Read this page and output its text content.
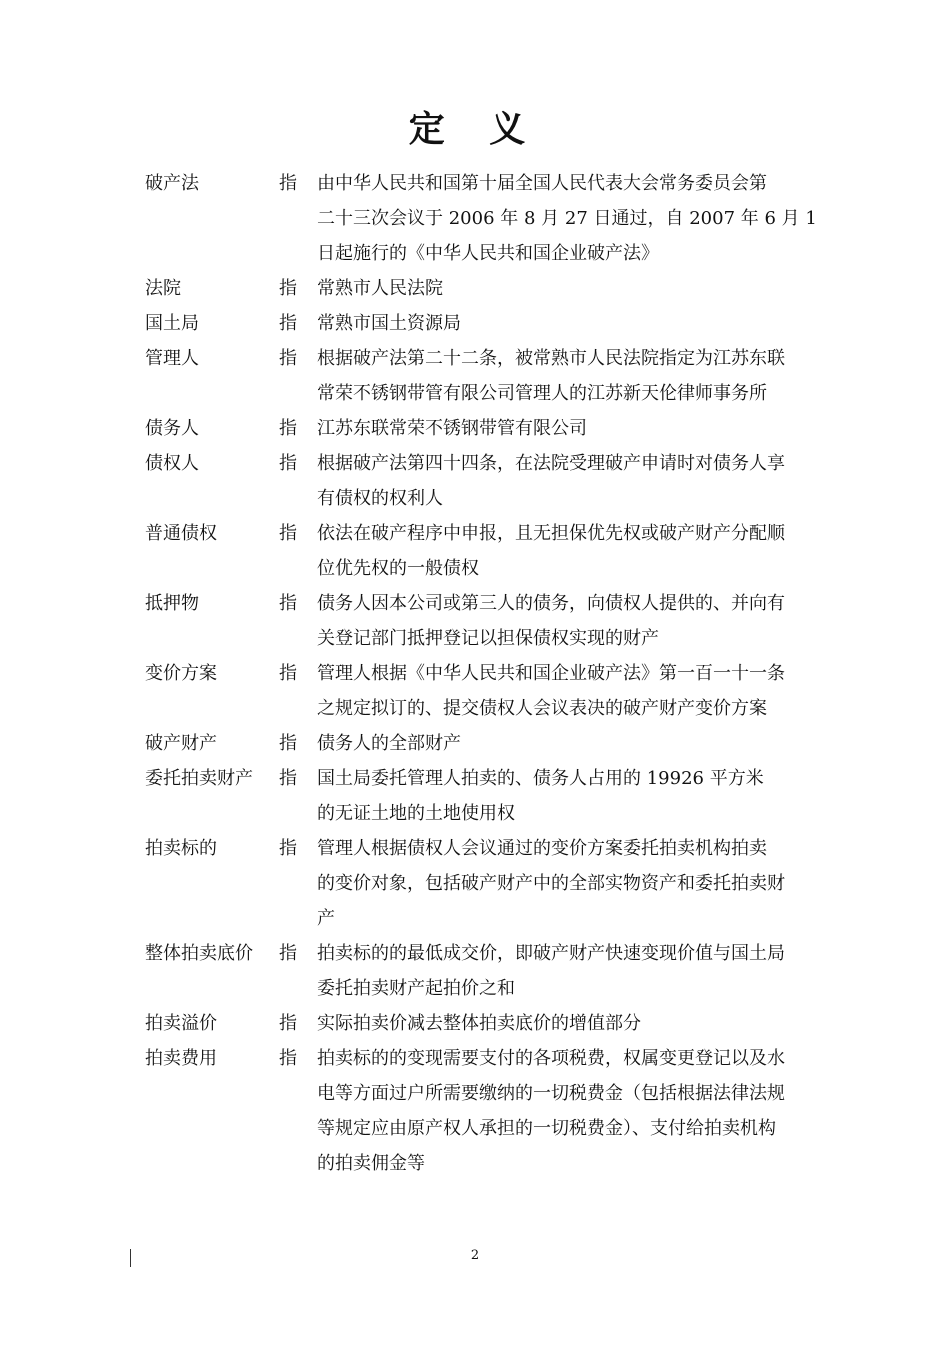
定 义
破产法	指 由中华人民共和国第十届全国人民代表大会常务委员会第
二十三次会议于 2006 年 8 月 27 日通过，自 2007 年 6 月 1
日起施行的《中华人民共和国企业破产法》
法院	指 常熟市人民法院
国土局	指 常熟市国土资源局
管理人	指 根据破产法第二十二条，被常熟市人民法院指定为江苏东联
常荣不锈钢带管有限公司管理人的江苏新天伦律师事务所
债务人	指 江苏东联常荣不锈钢带管有限公司
债权人	指 根据破产法第四十四条，在法院受理破产申请时对债务人享
有债权的权利人
普通债权	指 依法在破产程序中申报，且无担保优先权或破产财产分配顺
位优先权的一般债权
抵押物	指 债务人因本公司或第三人的债务，向债权人提供的、并向有
关登记部门抵押登记以担保债权实现的财产
变价方案	指 管理人根据《中华人民共和国企业破产法》第一百一十一条
之规定拟订的、提交债权人会议表决的破产财产变价方案
破产财产	指 债务人的全部财产
委托拍卖财产 指 国土局委托管理人拍卖的、债务人占用的 19926 平方米
的无证土地的土地使用权
拍卖标的	指 管理人根据债权人会议通过的变价方案委托拍卖机构拍卖
的变价对象，包括破产财产中的全部实物资产和委托拍卖财
产
整体拍卖底价 指 拍卖标的的最低成交价，即破产财产快速变现价值与国土局
委托拍卖财产起拍价之和
拍卖溢价	指 实际拍卖价减去整体拍卖底价的增值部分
拍卖费用	指 拍卖标的的变现需要支付的各项税费，权属变更登记以及水
电等方面过户所需要缴纳的一切税费金（包括根据法律法规
等规定应由原产权人承担的一切税费金）、支付给拍卖机构
的拍卖佣金等
2
